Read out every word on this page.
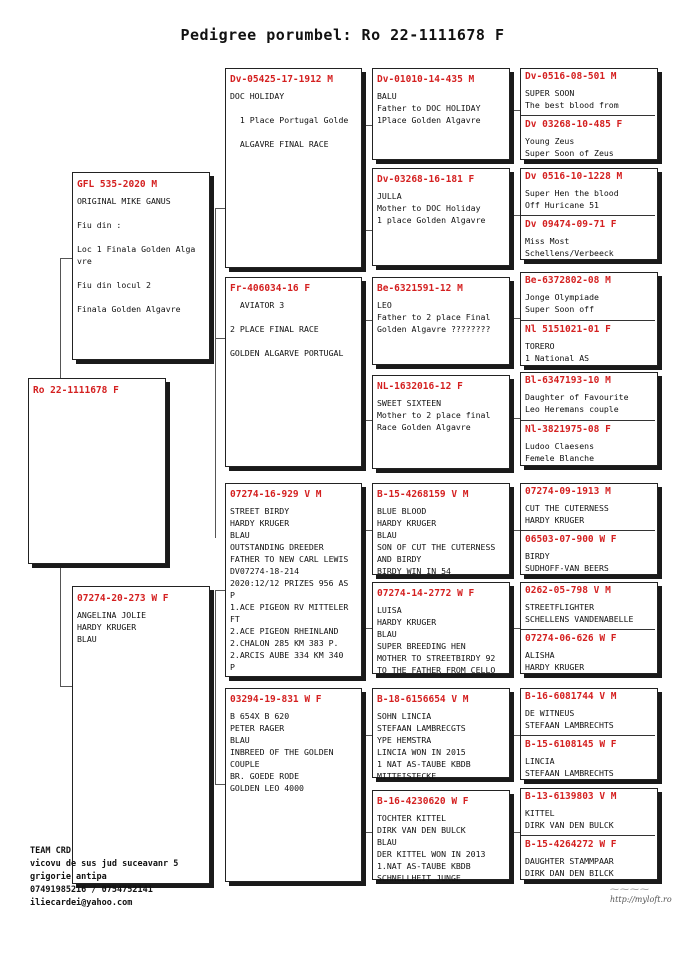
Pedigree porumbel: Ro 22-1111678 F
Ro 22-1111678 F
GFL 535-2020 M
ORIGINAL MIKE GANUS

Fiu din :

Loc 1 Finala Golden Alga
vre

Fiu din locul 2

Finala Golden Algavre
07274-20-273 W F
ANGELINA JOLIE
HARDY KRUGER
BLAU
Dv-05425-17-1912 M
DOC HOLIDAY

1 Place Portugal Golde

ALGAVRE FINAL RACE
Fr-406034-16 F
AVIATOR 3

2 PLACE FINAL RACE

GOLDEN ALGARVE PORTUGAL
07274-16-929 V M
STREET BIRDY
HARDY KRUGER
BLAU
OUTSTANDING DREEDER
FATHER TO NEW CARL LEWIS
DV07274-18-214
2020:12/12 PRIZES 956 AS
P
1.ACE PIGEON RV MITTELER
FT
2.ACE PIGEON RHEINLAND
2.CHALON 285 KM 383 P.
2.ARCIS AUBE 334 KM 340
P
03294-19-831 W F
B 654X B 620
PETER RAGER
BLAU
INBREED OF THE GOLDEN
COUPLE
BR. GOEDE RODE
GOLDEN LEO 4000
Dv-01010-14-435 M
BALU
Father to DOC HOLIDAY
1Place Golden Algavre
Dv-03268-16-181 F
JULLA
Mother to DOC Holiday
1 place Golden Algavre
Be-6321591-12 M
LEO
Father to 2 place Final
Golden Algavre ????????
NL-1632016-12 F
SWEET SIXTEEN
Mother to 2 place final
Race Golden Algavre
B-15-4268159 V M
BLUE BLOOD
HARDY KRUGER
BLAU
SON OF CUT THE CUTERNESS
AND BIRDY
BIRDY WIN IN 54
07274-14-2772 W F
LUISA
HARDY KRUGER
BLAU
SUPER BREEDING HEN
MOTHER TO STREETBIRDY 92
TO THE FATHER FROM CELLO
B-18-6156654 V M
SOHN LINCIA
STEFAAN LAMBRECGTS
YPE HEMSTRA
LINCIA WON IN 2015
1 NAT AS-TAUBE KBDB
MITTEISTECKE
B-16-4230620 W F
TOCHTER KITTEL
DIRK VAN DEN BULCK
BLAU
DER KITTEL WON IN 2013
1.NAT AS-TAUBE KBDB
SCHNELLHEIT JUNGE
Dv-0516-08-501 M
SUPER SOON
The best blood from
Dv 03268-10-485 F
Young Zeus
Super Soon of Zeus
Dv 0516-10-1228 M
Super Hen the blood
Off Huricane 51
Dv 09474-09-71 F
Miss Most
Schellens/Verbeeck
Be-6372802-08 M
Jonge Olympiade
Super Soon off
Nl 5151021-01 F
TORERO
1 National AS
Bl-6347193-10 M
Daughter of Favourite
Leo Heremans couple
Nl-3821975-08 F
Ludoo Claesens
Femele Blanche
07274-09-1913 M
CUT THE CUTERNESS
HARDY KRUGER
06503-07-900 W F
BIRDY
SUDHOFF-VAN BEERS
0262-05-798 V M
STREETFLIGHTER
SCHELLENS VANDENABELLE
07274-06-626 W F
ALISHA
HARDY KRUGER
B-16-6081744 V M
DE WITNEUS
STEFAAN LAMBRECHTS
B-15-6108145 W F
LINCIA
STEFAAN LAMBRECHTS
B-13-6139803 V M
KITTEL
DIRK VAN DEN BULCK
B-15-4264272 W F
DAUGHTER STAMMPAAR
DIRK DAN DEN BILCK
TEAM CRD
vicovu de sus jud suceavanr 5
grigorie antipa
07491985216 / 0754752141
iliecardei@yahoo.com
⁓⁓⁓⁓
http://myloft.ro
